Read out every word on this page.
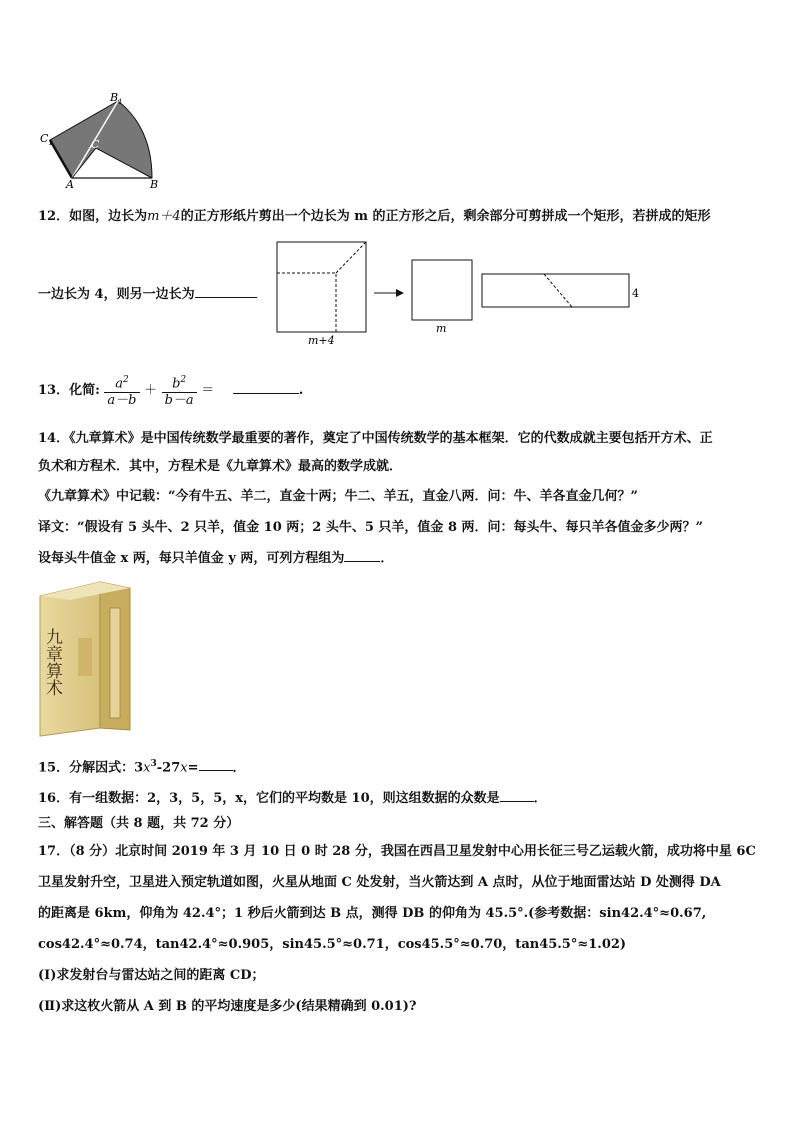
$B_1$
$C_1$	C
A	B
12．如图，边长为m＋4的正方形纸片剪出一个边长为 m 的正方形之后，剩余部分可剪拼成一个矩形，若拼成的矩形
一边长为 4，则另一边长为
m+4
m
4
13．化简: $\frac{a^2}{a-b} + \frac{b^2}{b-a}$ ＝	.
14．《九章算术》是中国传统数学最重要的著作，奠定了中国传统数学的基本框架．它的代数成就主要包括开方术、正
负术和方程术．其中，方程术是《九章算术》最高的数学成就．
《九章算术》中记载：“今有牛五、羊二，直金十两；牛二、羊五，直金八两．问：牛、羊各直金几何？”
译文：“假设有 5 头牛、2 只羊，值金 10 两；2 头牛、5 只羊，值金 8 两．问：每头牛、每只羊各值金多少两？”
设每头牛值金 x 两，每只羊值金 y 两，可列方程组为	．
九章算术
15．分解因式：$3x^3-27x=$	．
16．有一组数据：2，3，5，5，x，它们的平均数是 10，则这组数据的众数是	．
三、解答题（共 8 题，共 72 分）
17．（8 分）北京时间 2019 年 3 月 10 日 0 时 28 分，我国在西昌卫星发射中心用长征三号乙运载火箭，成功将中星 6C
卫星发射升空，卫星进入预定轨道如图，火星从地面 C 处发射，当火箭达到 A 点时，从位于地面雷达站 D 处测得 DA
的距离是 6km，仰角为 42.4°；1 秒后火箭到达 B 点，测得 DB 的仰角为 45.5°.(参考数据：sin42.4°≈0.67,
cos42.4°≈0.74，tan42.4°≈0.905，sin45.5°≈0.71，cos45.5°≈0.70，tan45.5°≈1.02)
(Ⅰ)求发射台与雷达站之间的距离 CD；
(Ⅱ)求这枚火箭从 A 到 B 的平均速度是多少(结果精确到 0.01)?
